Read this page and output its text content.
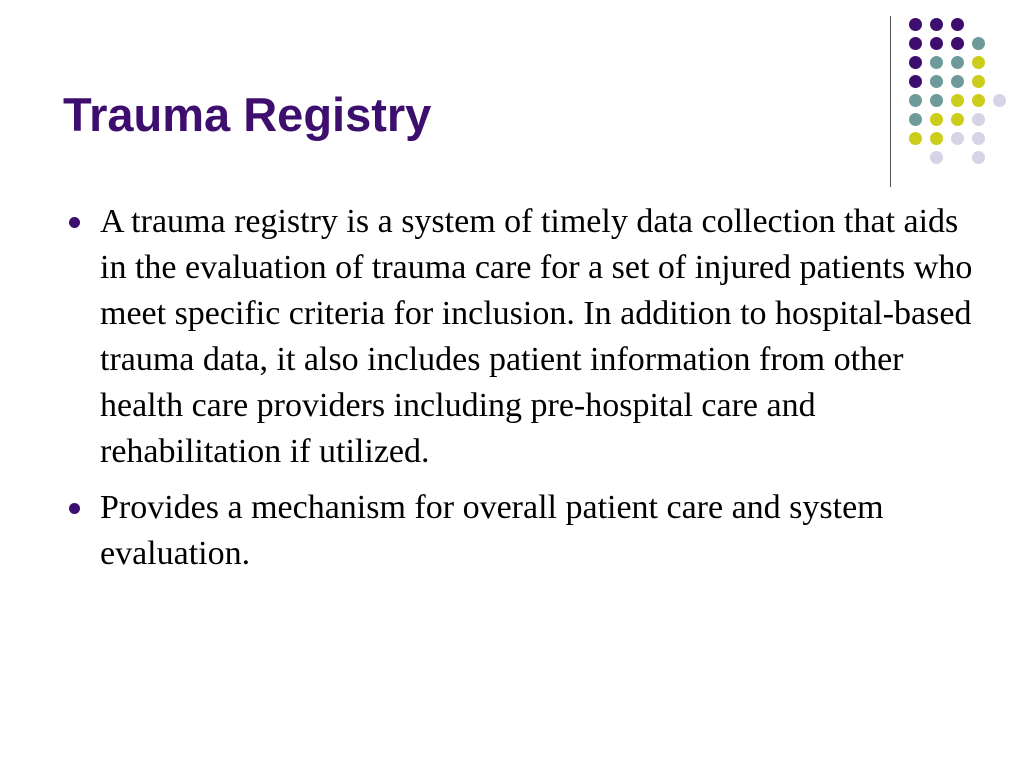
Trauma Registry
A trauma registry is a system of timely data collection that aids in the evaluation of trauma care for a set of injured patients who meet specific criteria for inclusion. In addition to hospital-based trauma data, it also includes patient information from other health care providers including pre-hospital care and rehabilitation if utilized.
Provides a mechanism for overall patient care and system evaluation.
